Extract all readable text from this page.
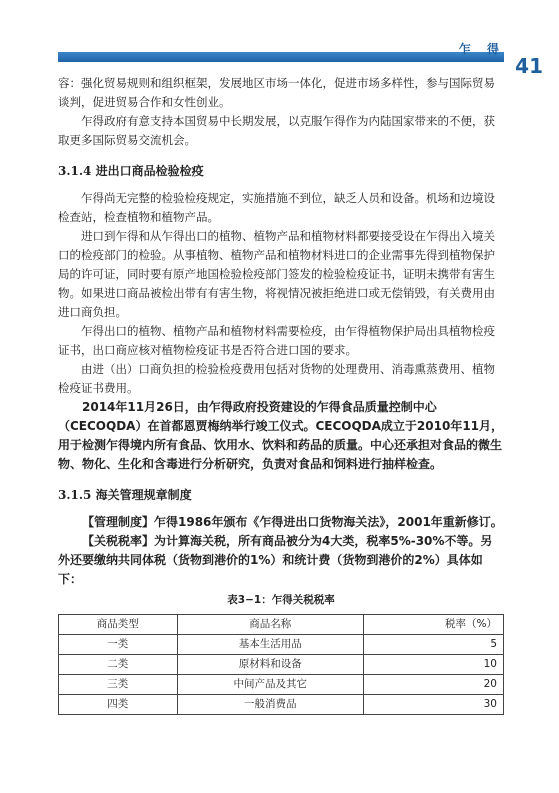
乍 得
41

容：强化贸易规则和组织框架，发展地区市场一体化，促进市场多样性，参与国际贸易谈判，促进贸易合作和女性创业。

乍得政府有意支持本国贸易中长期发展，以克服乍得作为内陆国家带来的不便，获取更多国际贸易交流机会。

3.1.4 进出口商品检验检疫

乍得尚无完整的检验检疫规定，实施措施不到位，缺乏人员和设备。机场和边境设检查站，检查植物和植物产品。

进口到乍得和从乍得出口的植物、植物产品和植物材料都要接受设在乍得出入境关口的检疫部门的检验。从事植物、植物产品和植物材料进口的企业需事先得到植物保护局的许可证，同时要有原产地国检验检疫部门签发的检验检疫证书，证明未携带有害生物。如果进口商品被检出带有有害生物，将视情况被拒绝进口或无偿销毁，有关费用由进口商负担。

乍得出口的植物、植物产品和植物材料需要检疫，由乍得植物保护局出具植物检疫证书，出口商应核对植物检疫证书是否符合进口国的要求。

由进（出）口商负担的检验检疫费用包括对货物的处理费用、消毒熏蒸费用、植物检疫证书费用。

2014年11月26日，由乍得政府投资建设的乍得食品质量控制中心（CECOQDA）在首都恩贾梅纳举行竣工仪式。CECOQDA成立于2010年11月，用于检测乍得境内所有食品、饮用水、饮料和药品的质量。中心还承担对食品的微生物、物化、生化和含毒进行分析研究，负责对食品和饲料进行抽样检查。

3.1.5 海关管理规章制度

【管理制度】乍得1986年颁布《乍得进出口货物海关法》，2001年重新修订。

【关税税率】为计算海关税，所有商品被分为4大类，税率5%-30%不等。另外还要缴纳共同体税（货物到港价的1%）和统计费（货物到港价的2%）具体如下：

表3−1：乍得关税税率
商品类型	商品名称	税率（%）
一类	基本生活用品	5
二类	原材料和设备	10
三类	中间产品及其它	20
四类	一般消费品	30
